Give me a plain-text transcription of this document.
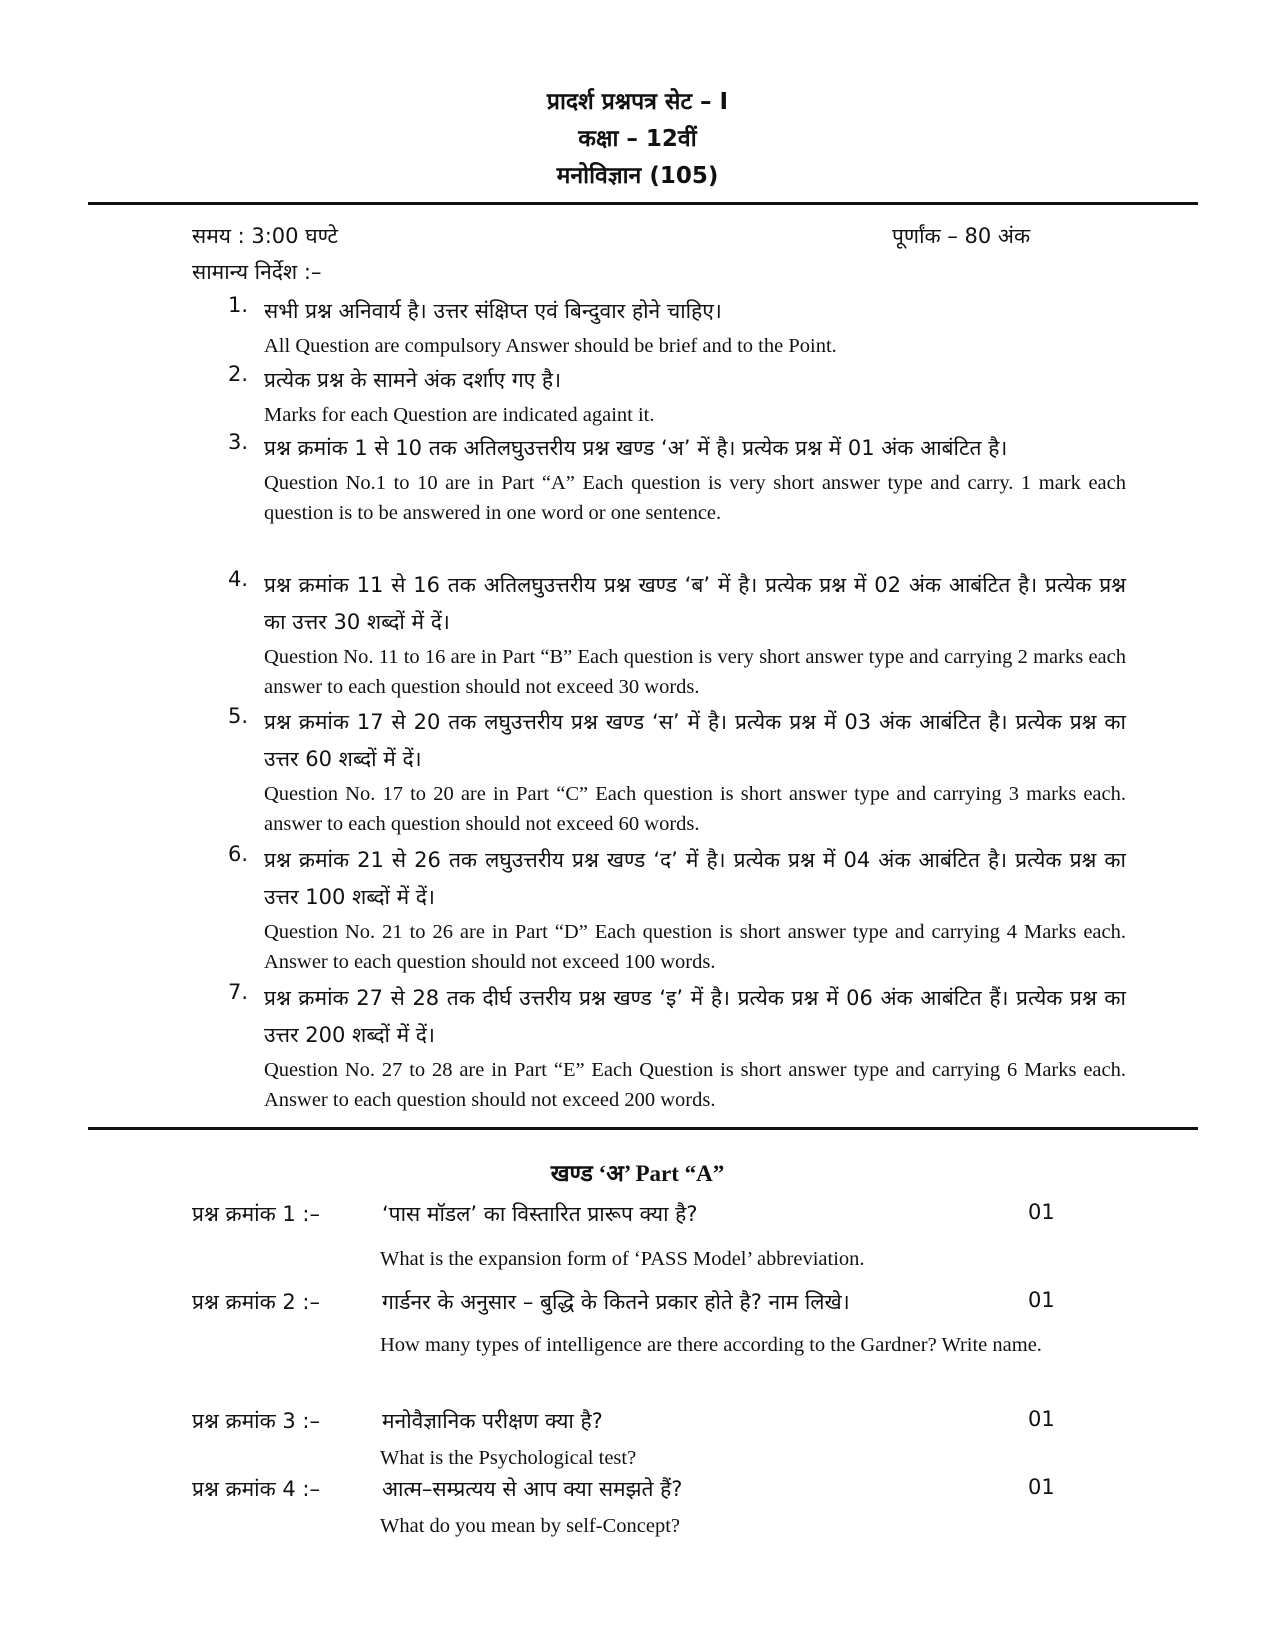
प्रादर्श प्रश्नपत्र सेट – I
कक्षा – 12वीं
मनोविज्ञान (105)
समय : 3:00 घण्टे	पूर्णांक – 80 अंक
सामान्य निर्देश :–
1. सभी प्रश्न अनिवार्य है। उत्तर संक्षिप्त एवं बिन्दुवार होने चाहिए।
All Question are compulsory Answer should be brief and to the Point.
2. प्रत्येक प्रश्न के सामने अंक दर्शाए गए है।
Marks for each Question are indicated againt it.
3. प्रश्न क्रमांक 1 से 10 तक अतिलघुउत्तरीय प्रश्न खण्ड ‘अ’ में है। प्रत्येक प्रश्न में 01 अंक आबंटित है।
Question No.1 to 10 are in Part “A” Each question is very short answer type and carry. 1 mark each question is to be answered in one word or one sentence.
4. प्रश्न क्रमांक 11 से 16 तक अतिलघुउत्तरीय प्रश्न खण्ड ‘ब’ में है। प्रत्येक प्रश्न में 02 अंक आबंटित है। प्रत्येक प्रश्न का उत्तर 30 शब्दों में दें।
Question No. 11 to 16 are in Part “B” Each question is very short answer type and carrying 2 marks each answer to each question should not exceed 30 words.
5. प्रश्न क्रमांक 17 से 20 तक लघुउत्तरीय प्रश्न खण्ड ‘स’ में है। प्रत्येक प्रश्न में 03 अंक आबंटित है। प्रत्येक प्रश्न का उत्तर 60 शब्दों में दें।
Question No. 17 to 20 are in Part “C” Each question is short answer type and carrying 3 marks each. answer to each question should not exceed 60 words.
6. प्रश्न क्रमांक 21 से 26 तक लघुउत्तरीय प्रश्न खण्ड ‘द’ में है। प्रत्येक प्रश्न में 04 अंक आबंटित है। प्रत्येक प्रश्न का उत्तर 100 शब्दों में दें।
Question No. 21 to 26 are in Part “D” Each question is short answer type and carrying 4 Marks each. Answer to each question should not exceed 100 words.
7. प्रश्न क्रमांक 27 से 28 तक दीर्घ उत्तरीय प्रश्न खण्ड ‘इ’ में है। प्रत्येक प्रश्न में 06 अंक आबंटित हैं। प्रत्येक प्रश्न का उत्तर 200 शब्दों में दें।
Question No. 27 to 28 are in Part “E” Each Question is short answer type and carrying 6 Marks each. Answer to each question should not exceed 200 words.
खण्ड ‘अ’ Part “A”
प्रश्न क्रमांक 1 :–	‘पास मॉडल’ का विस्तारित प्रारूप क्या है?	01
What is the expansion form of ‘PASS Model’ abbreviation.
प्रश्न क्रमांक 2 :–	गार्डनर के अनुसार – बुद्धि के कितने प्रकार होते है? नाम लिखे।	01
How many types of intelligence are there according to the Gardner? Write name.
प्रश्न क्रमांक 3 :–	मनोवैज्ञानिक परीक्षण क्या है?	01
What is the Psychological test?
प्रश्न क्रमांक 4 :–	आत्म–सम्प्रत्यय से आप क्या समझते हैं?	01
What do you mean by self-Concept?
